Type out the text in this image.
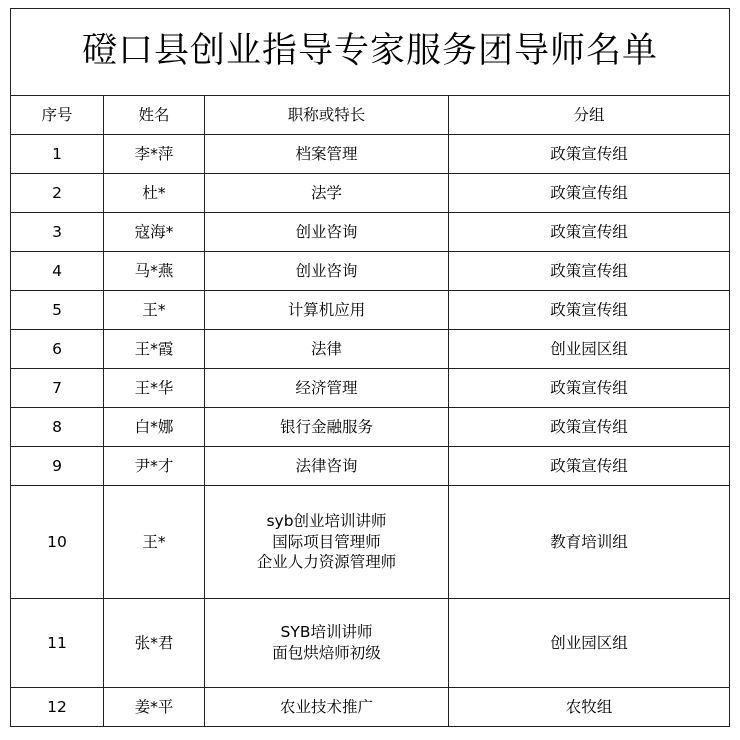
磴口县创业指导专家服务团导师名单			
序号	姓名	职称或特长	分组
1	李*萍	档案管理	政策宣传组
2	杜*	法学	政策宣传组
3	寇海*	创业咨询	政策宣传组
4	马*燕	创业咨询	政策宣传组
5	王*	计算机应用	政策宣传组
6	王*霞	法律	创业园区组
7	王*华	经济管理	政策宣传组
8	白*娜	银行金融服务	政策宣传组
9	尹*才	法律咨询	政策宣传组
10	王*	syb创业培训讲师
国际项目管理师
企业人力资源管理师	教育培训组
11	张*君	SYB培训讲师
面包烘焙师初级	创业园区组
12	姜*平	农业技术推广	农牧组
